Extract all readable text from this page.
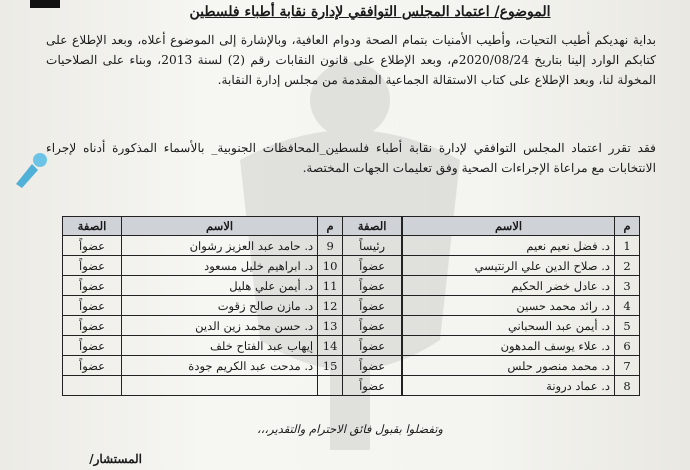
الموضوع/ اعتماد المجلس التوافقي لإدارة نقابة أطباء فلسطين
بداية نهديكم أطيب التحيات، وأطيب الأمنيات بتمام الصحة ودوام العافية، وبالإشارة إلى الموضوع أعلاه، وبعد الإطلاع على كتابكم الوارد إلينا بتاريخ 2020/08/24م، وبعد الإطلاع على قانون النقابات رقم (2) لسنة 2013، وبناء على الصلاحيات المخولة لنا، وبعد الإطلاع على كتاب الاستقالة الجماعية المقدمة من مجلس إدارة النقابة.
فقد تقرر اعتماد المجلس التوافقي لإدارة نقابة أطباء فلسطين_المحافظات الجنوبية_ بالأسماء المذكورة أدناه لإجراء الانتخابات مع مراعاة الإجراءات الصحية وفق تعليمات الجهات المختصة.
م	الاسم	الصفة	م	الاسم	الصفة
1	د. فضل نعيم نعيم	رئيساً	9	د. حامد عبد العزيز رشوان	عضواً
2	د. صلاح الدين علي الرنتيسي	عضواً	10	د. ابراهيم خليل مسعود	عضواً
3	د. عادل خضر الحكيم	عضواً	11	د. أيمن علي هليل	عضواً
4	د. رائد محمد حسين	عضواً	12	د. مازن صالح زقوت	عضواً
5	د. أيمن عبد السحباني	عضواً	13	د. حسن محمد زين الدين	عضواً
6	د. علاء يوسف المدهون	عضواً	14	إيهاب عبد الفتاح خلف	عضواً
7	د. محمد منصور حلس	عضواً	15	د. مدحت عبد الكريم جودة	عضواً
8	د. عماد درونة	عضواً			
وتفضلوا بقبول فائق الاحترام والتقدير،،،
المستشار/
